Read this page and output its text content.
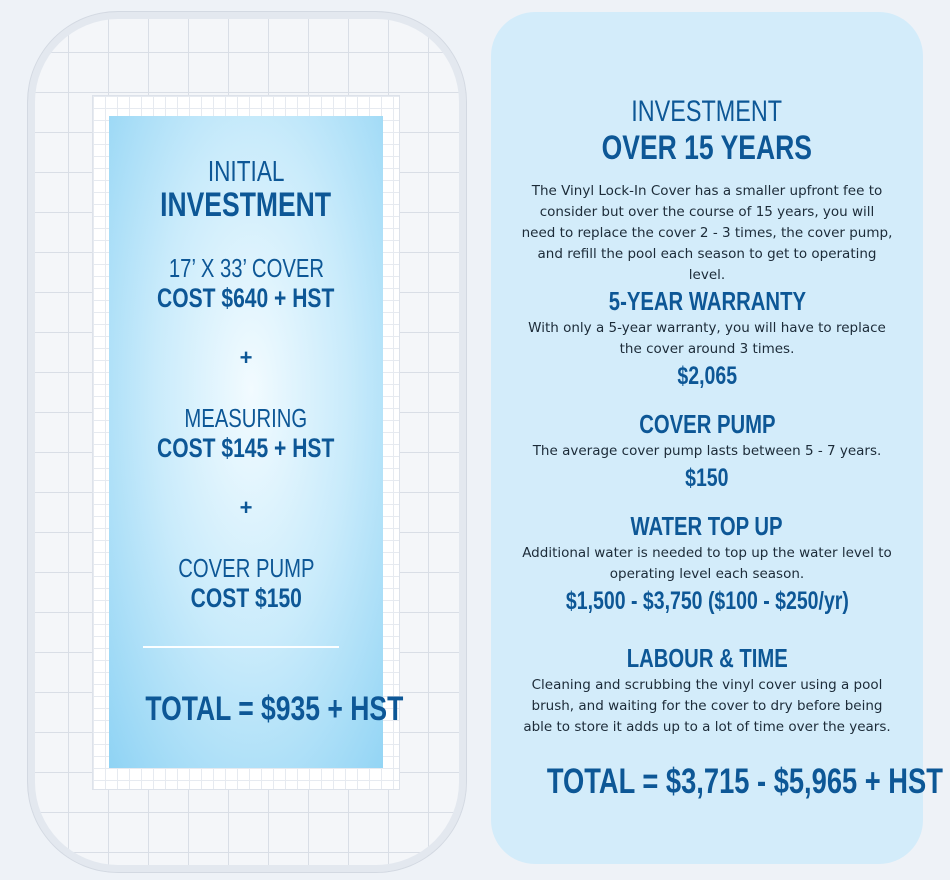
INITIAL
INVESTMENT
17’ X 33’ COVER
COST $640 + HST
+
MEASURING
COST $145 + HST
+
COVER PUMP
COST $150
TOTAL = $935 + HST
INVESTMENT
OVER 15 YEARS
The Vinyl Lock-In Cover has a smaller upfront fee to consider but over the course of 15 years, you will need to replace the cover 2 - 3 times, the cover pump, and refill the pool each season to get to operating level.
5-YEAR WARRANTY
With only a 5-year warranty, you will have to replace the cover around 3 times.
$2,065
COVER PUMP
The average cover pump lasts between 5 - 7 years.
$150
WATER TOP UP
Additional water is needed to top up the water level to operating level each season.
$1,500 - $3,750 ($100 - $250/yr)
LABOUR & TIME
Cleaning and scrubbing the vinyl cover using a pool brush, and waiting for the cover to dry before being able to store it adds up to a lot of time over the years.
TOTAL = $3,715 - $5,965 + HST
